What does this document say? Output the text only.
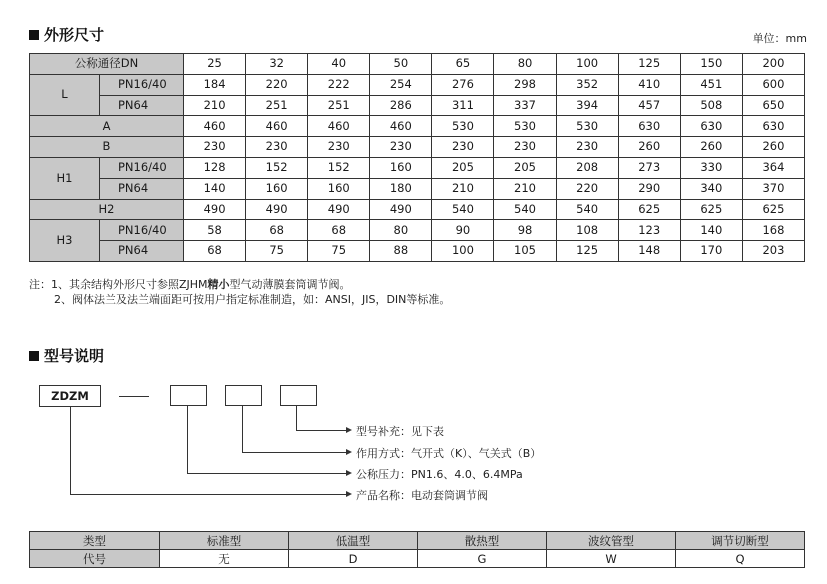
外形尺寸	单位：mm
公称通径DN		25	32	40	50	65	80	100	125	150	200
L	PN16/40	184	220	222	254	276	298	352	410	451	600
	PN64	210	251	251	286	311	337	394	457	508	650
A		460	460	460	460	530	530	530	630	630	630
B		230	230	230	230	230	230	230	260	260	260
H1	PN16/40	128	152	152	160	205	205	208	273	330	364
	PN64	140	160	160	180	210	210	220	290	340	370
H2		490	490	490	490	540	540	540	625	625	625
H3	PN16/40	58	68	68	80	90	98	108	123	140	168
	PN64	68	75	75	88	100	105	125	148	170	203
注：1、其余结构外形尺寸参照ZJHM精小型气动薄膜套筒调节阀。
2、阀体法兰及法兰端面距可按用户指定标准制造，如：ANSI，JIS，DIN等标准。
型号说明
ZDZM
型号补充：见下表
作用方式：气开式（K）、气关式（B）
公称压力：PN1.6、4.0、6.4MPa
产品名称：电动套筒调节阀
类型	标准型	低温型	散热型	波纹管型	调节切断型
代号	无	D	G	W	Q
